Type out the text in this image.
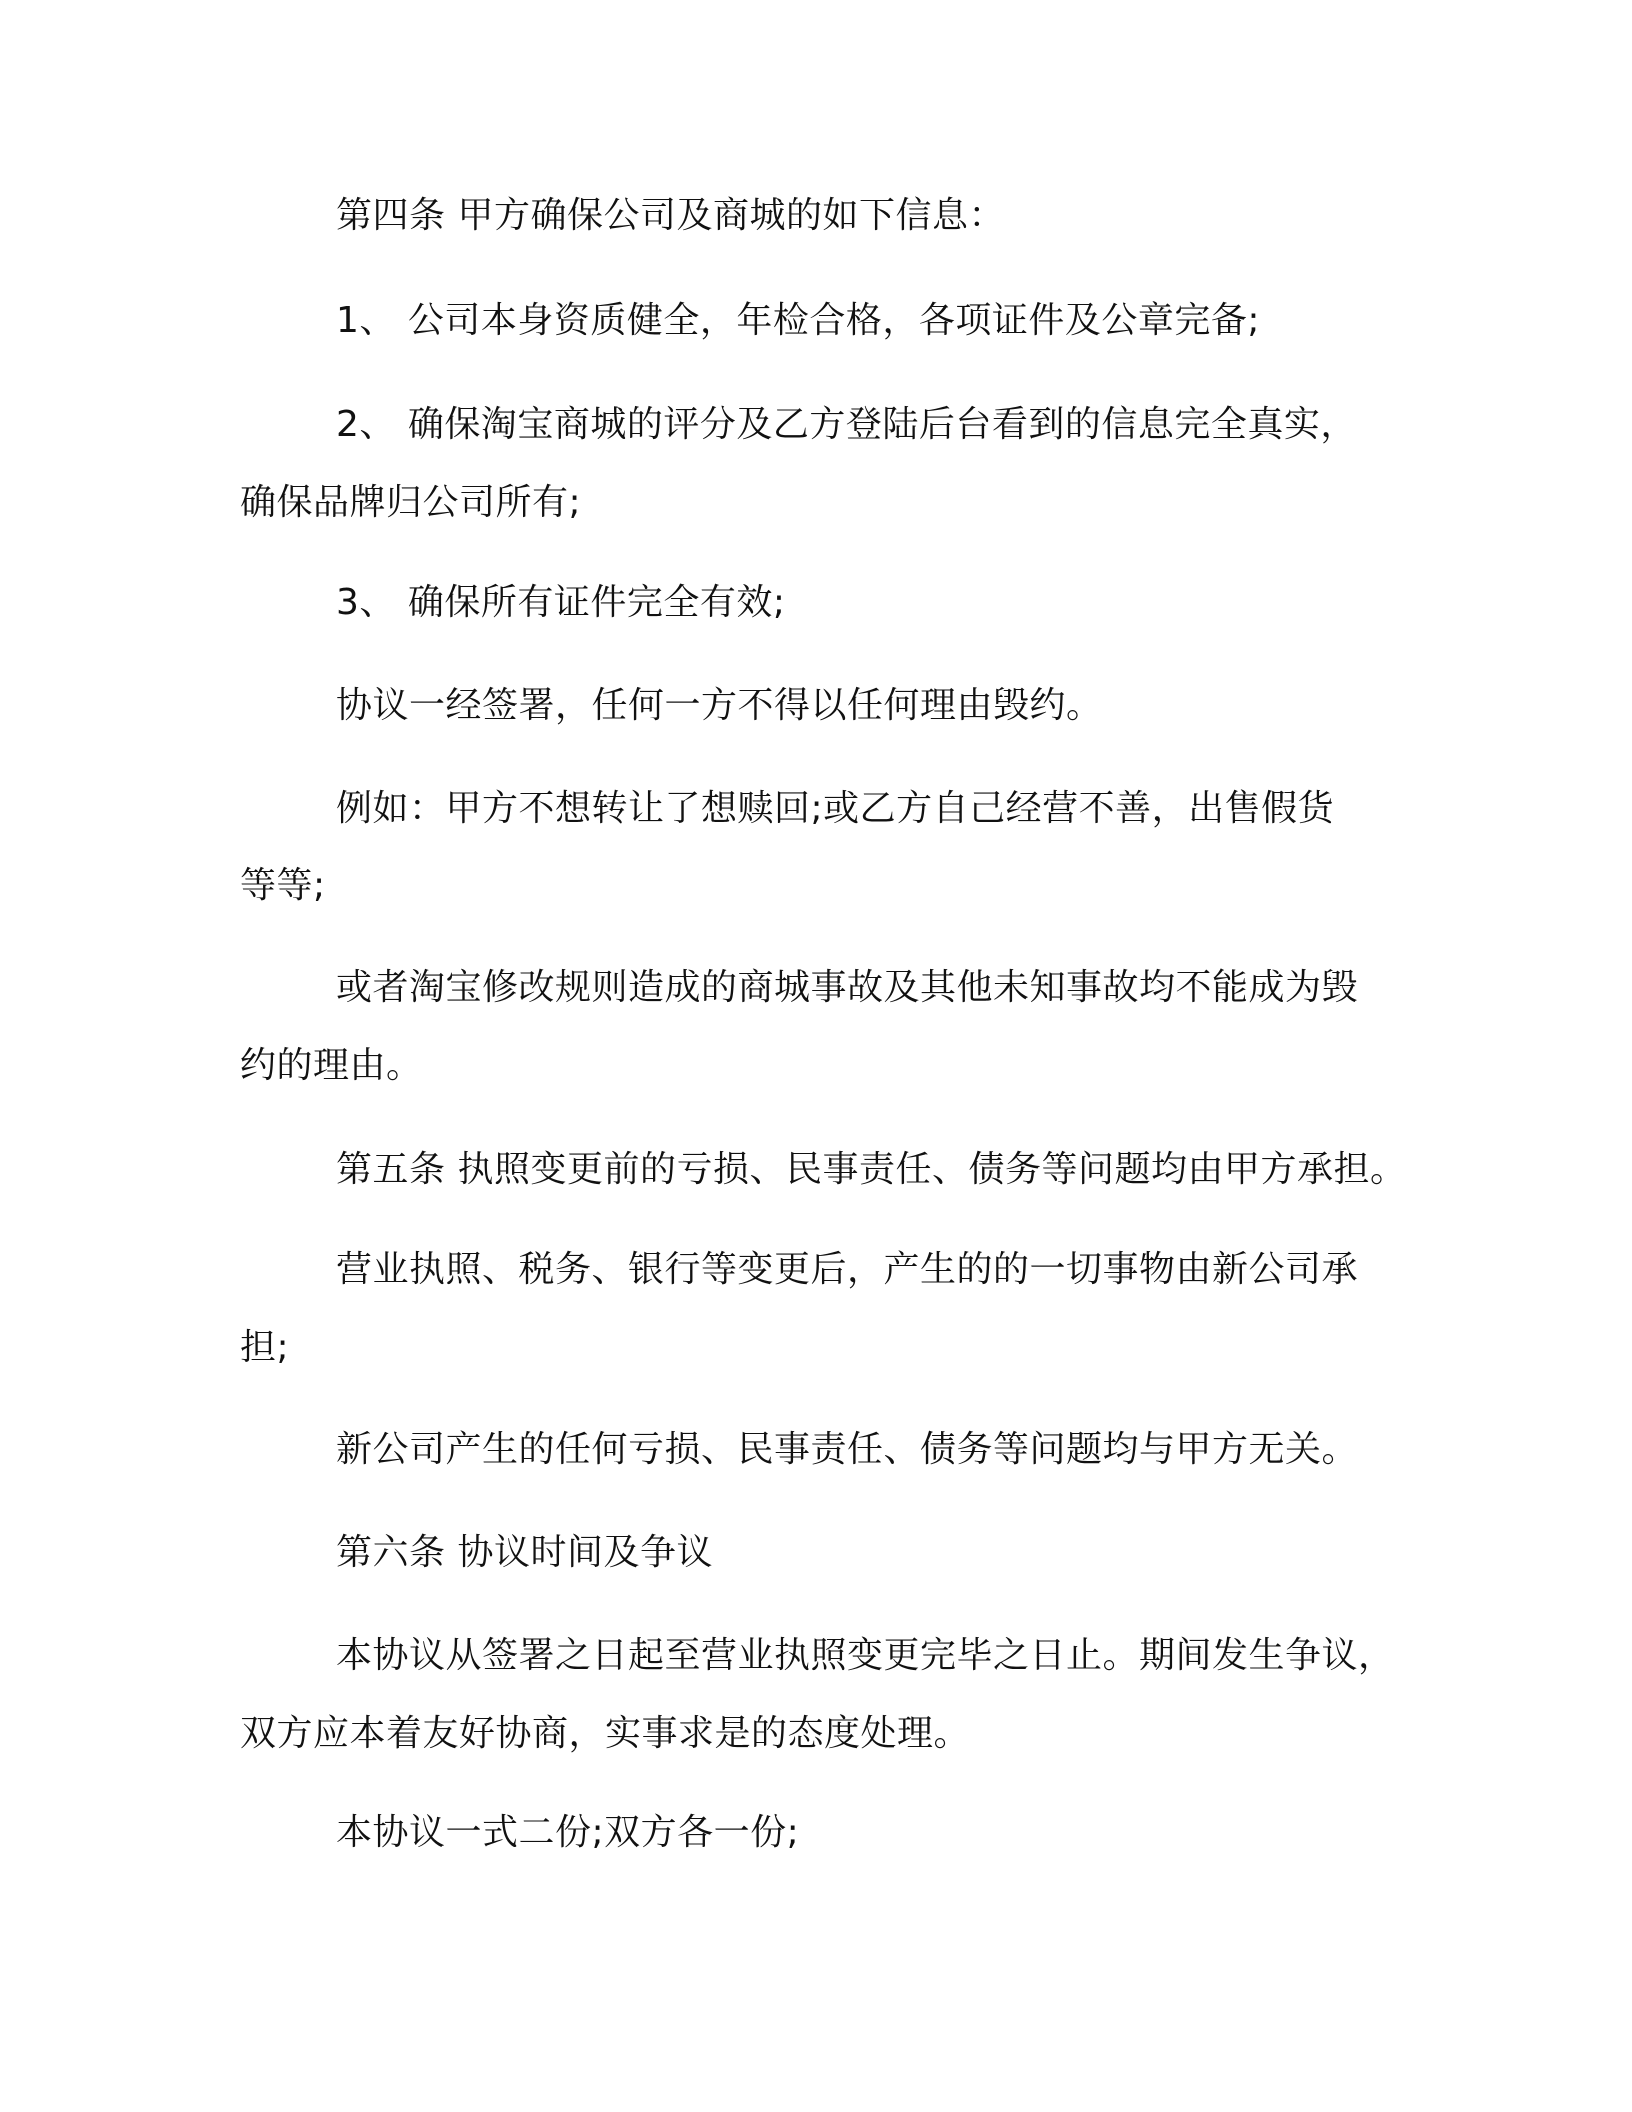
第四条 甲方确保公司及商城的如下信息：

1、 公司本身资质健全，年检合格，各项证件及公章完备;

2、 确保淘宝商城的评分及乙方登陆后台看到的信息完全真实，

确保品牌归公司所有;

3、 确保所有证件完全有效;

协议一经签署，任何一方不得以任何理由毁约。

例如：甲方不想转让了想赎回;或乙方自己经营不善，出售假货

等等;

或者淘宝修改规则造成的商城事故及其他未知事故均不能成为毁

约的理由。

第五条 执照变更前的亏损、民事责任、债务等问题均由甲方承担。

营业执照、税务、银行等变更后，产生的的一切事物由新公司承

担;

新公司产生的任何亏损、民事责任、债务等问题均与甲方无关。

第六条 协议时间及争议

本协议从签署之日起至营业执照变更完毕之日止。期间发生争议，

双方应本着友好协商，实事求是的态度处理。

本协议一式二份;双方各一份;
